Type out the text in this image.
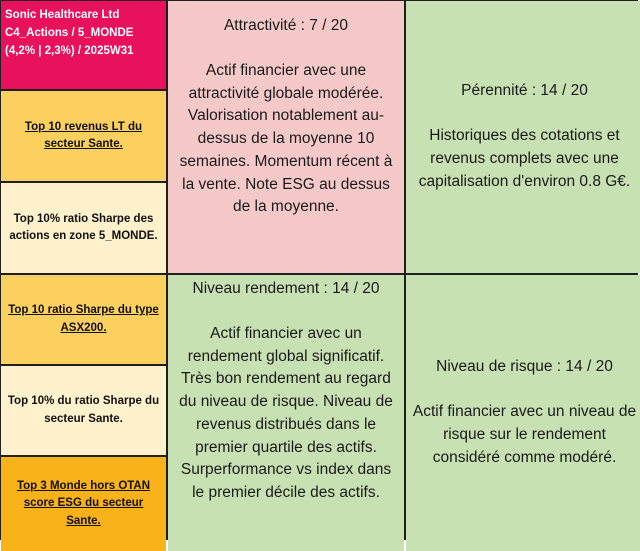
Sonic Healthcare Ltd
C4_Actions / 5_MONDE
(4,2% | 2,3%) / 2025W31
Top 10 revenus LT du secteur Sante.
Top 10% ratio Sharpe des actions en zone 5_MONDE.
Top 10 ratio Sharpe du type ASX200.
Top 10% du ratio Sharpe du secteur Sante.
Top 3 Monde hors OTAN score ESG du secteur Sante.
Attractivité : 7 / 20
Actif financier avec une attractivité globale modérée. Valorisation notablement au-dessus de la moyenne 10 semaines. Momentum récent à la vente. Note ESG au dessus de la moyenne.
Pérennité : 14 / 20
Historiques des cotations et revenus complets avec une capitalisation d'environ 0.8 G€.
Niveau rendement : 14 / 20
Actif financier avec un rendement global significatif. Très bon rendement au regard du niveau de risque. Niveau de revenus distribués dans le premier quartile des actifs. Surperformance vs index dans le premier décile des actifs.
Niveau de risque : 14 / 20
Actif financier avec un niveau de risque sur le rendement considéré comme modéré.
